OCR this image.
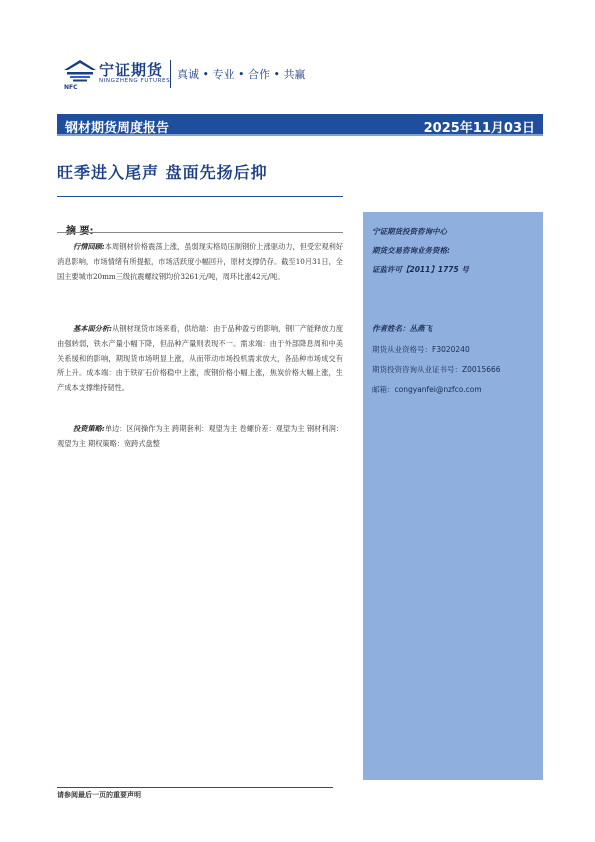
NFC
宁证期货
NINGZHENG FUTURES 真诚 • 专业 • 合作 • 共赢
钢材期货周度报告	2025年11月03日
旺季进入尾声 盘面先扬后抑
行情回顾:本周钢材价格震荡上涨，虽弱现实格局压制钢价上涨驱动力，但受宏观利好消息影响，市场情绪有所提振，市场活跃度小幅回升，原材支撑仍存。截至10月31日，全国主要城市20mm三级抗震螺纹钢均价3261元/吨，周环比涨42元/吨。
基本面分析:从钢材现货市场来看，供给端：由于品种盈亏的影响，钢厂产能释放力度由强转弱，铁水产量小幅下降，但品种产量则表现不一。需求端：由于外部降息周和中美关系缓和的影响，期现货市场明显上涨，从而带动市场投机需求放大，各品种市场成交有所上升。成本端：由于铁矿石价格稳中上涨，废钢价格小幅上涨，焦炭价格大幅上涨，生产成本支撑维持韧性。
投资策略:单边：区间操作为主 跨期套利：观望为主 卷螺价差：观望为主 钢材利润：观望为主 期权策略：宽跨式盘整
宁证期货投资咨询中心
期货交易咨询业务资格:
证监许可【2011】1775 号
作者姓名：丛燕飞
期货从业资格号：F3020240
期货投资咨询从业证书号：Z0015666
邮箱：congyanfei@nzfco.com
请参阅最后一页的重要声明
